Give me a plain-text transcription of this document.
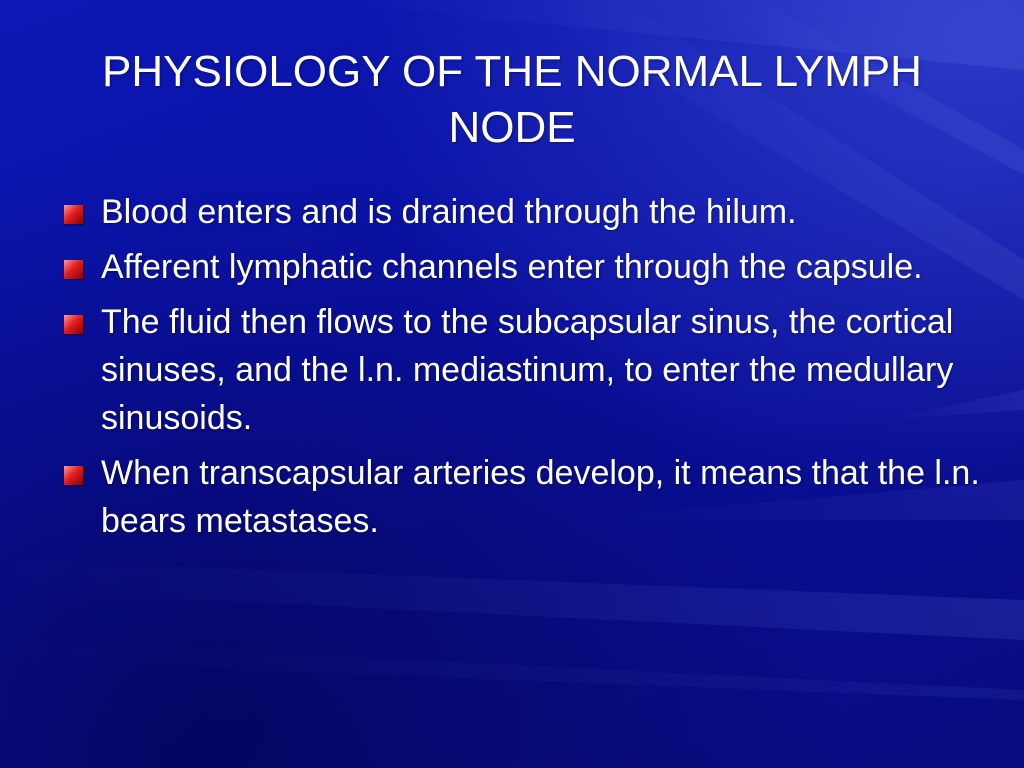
PHYSIOLOGY OF THE NORMAL LYMPH NODE
Blood enters and is drained through the hilum.
Afferent lymphatic channels enter through the capsule.
The fluid then flows to the subcapsular sinus, the cortical sinuses, and the l.n. mediastinum, to enter the medullary sinusoids.
When transcapsular arteries develop, it means that the l.n. bears metastases.
